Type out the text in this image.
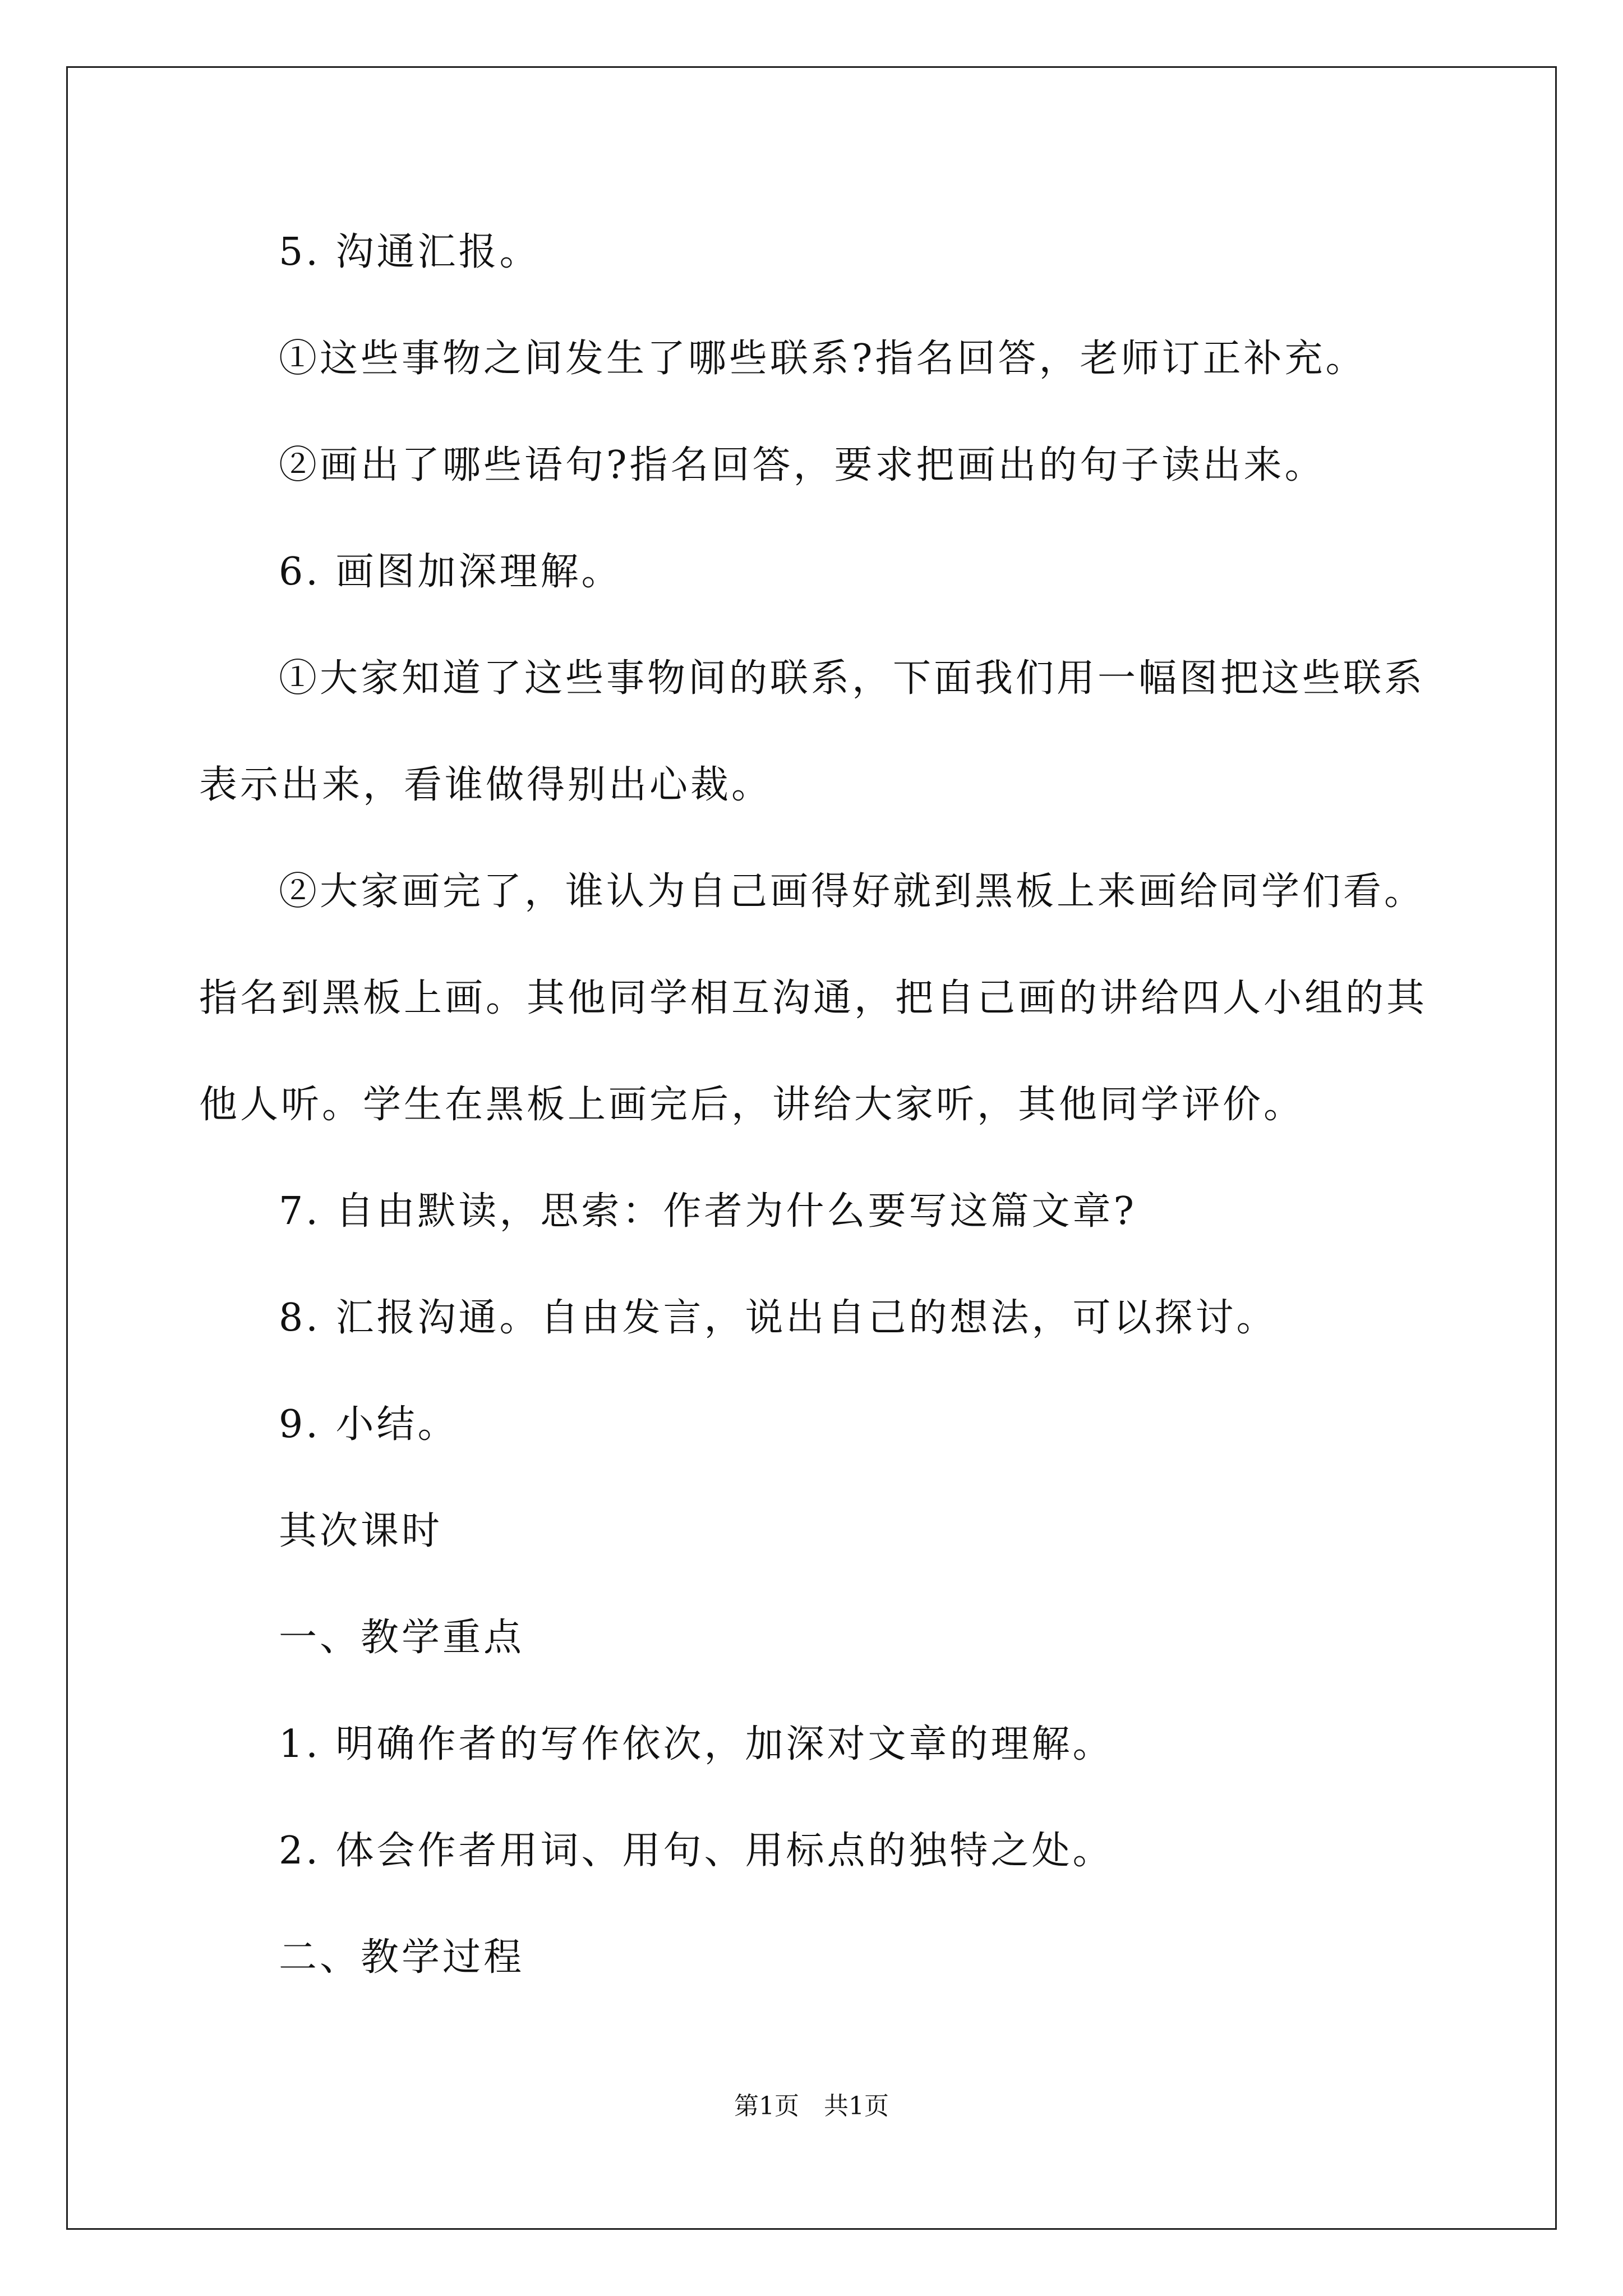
5. 沟通汇报。
①这些事物之间发生了哪些联系?指名回答，老师订正补充。
②画出了哪些语句?指名回答，要求把画出的句子读出来。
6. 画图加深理解。
①大家知道了这些事物间的联系，下面我们用一幅图把这些联系
表示出来，看谁做得别出心裁。
②大家画完了，谁认为自己画得好就到黑板上来画给同学们看。
指名到黑板上画。其他同学相互沟通，把自己画的讲给四人小组的其
他人听。学生在黑板上画完后，讲给大家听，其他同学评价。
7. 自由默读，思索：作者为什么要写这篇文章?
8. 汇报沟通。自由发言，说出自己的想法，可以探讨。
9. 小结。
其次课时
一、教学重点
1. 明确作者的写作依次，加深对文章的理解。
2. 体会作者用词、用句、用标点的独特之处。
二、教学过程
第1页 共1页
